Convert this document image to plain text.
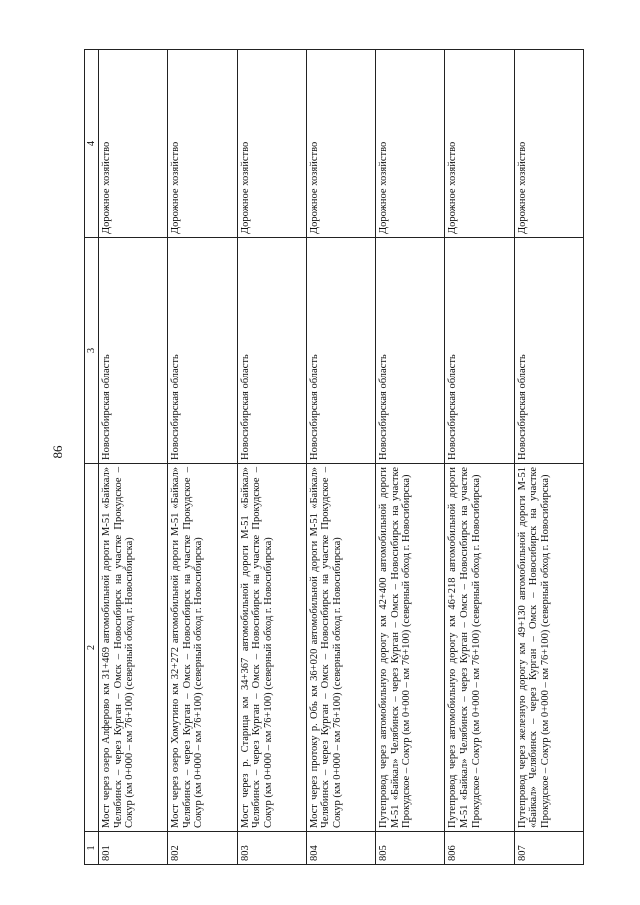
86
1	2	3	4
801	Мост через озеро Алферово км 31+469 автомобильной дороги М-51 «Байкал» Челябинск – через Курган – Омск – Новосибирск на участке Прокудское – Сокур (км 0+000 – км 76+100) (северный обход г. Новосибирска)	Новосибирская область	Дорожное хозяйство
802	Мост через озеро Хомутино км 32+272 автомобильной дороги М-51 «Байкал» Челябинск – через Курган – Омск – Новосибирск на участке Прокудское – Сокур (км 0+000 – км 76+100) (северный обход г. Новосибирска)	Новосибирская область	Дорожное хозяйство
803	Мост через р. Старица км 34+367 автомобильной дороги М-51 «Байкал» Челябинск – через Курган – Омск – Новосибирск на участке Прокудское – Сокур (км 0+000 – км 76+100) (северный обход г. Новосибирска)	Новосибирская область	Дорожное хозяйство
804	Мост через протоку р. Обь км 36+020 автомобильной дороги М-51 «Байкал» Челябинск – через Курган – Омск – Новосибирск на участке Прокудское – Сокур (км 0+000 – км 76+100) (северный обход г. Новосибирска)	Новосибирская область	Дорожное хозяйство
805	Путепровод через автомобильную дорогу км 42+400 автомобильной дороги М-51 «Байкал» Челябинск – через Курган – Омск – Новосибирск на участке Прокудское – Сокур (км 0+000 – км 76+100) (северный обход г. Новосибирска)	Новосибирская область	Дорожное хозяйство
806	Путепровод через автомобильную дорогу км 46+218 автомобильной дороги М-51 «Байкал» Челябинск – через Курган – Омск – Новосибирск на участке Прокудское – Сокур (км 0+000 – км 76+100) (северный обход г. Новосибирска)	Новосибирская область	Дорожное хозяйство
807	Путепровод через железную дорогу км 49+130 автомобильной дороги М-51 «Байкал» Челябинск – через Курган – Омск – Новосибирск на участке Прокудское – Сокур (км 0+000 – км 76+100) (северный обход г. Новосибирска)	Новосибирская область	Дорожное хозяйство
